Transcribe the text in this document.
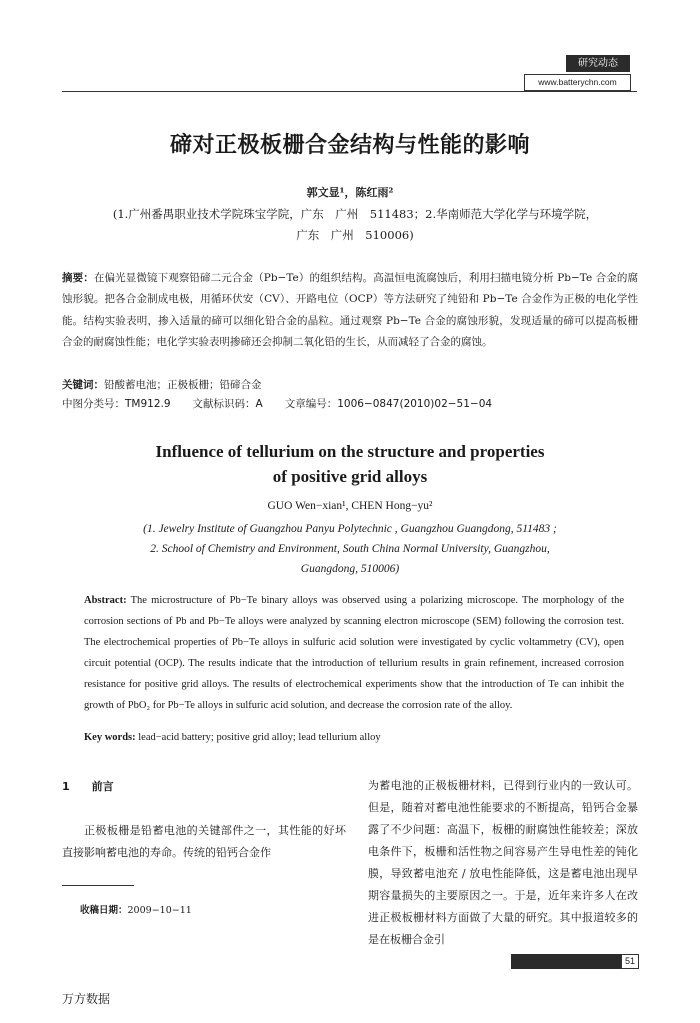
研究动态
www.batterychn.com
碲对正极板栅合金结构与性能的影响
郭文显¹，陈红雨²
(1.广州番禺职业技术学院珠宝学院，广东　广州　511483；2.华南师范大学化学与环境学院，
广东　广州　510006)
摘要：在偏光显微镜下观察铅碲二元合金（Pb−Te）的组织结构。高温恒电流腐蚀后，利用扫描电镜分析 Pb−Te 合金的腐蚀形貌。把各合金制成电极，用循环伏安（CV）、开路电位（OCP）等方法研究了纯铅和 Pb−Te 合金作为正极的电化学性能。结构实验表明，掺入适量的碲可以细化铅合金的晶粒。通过观察 Pb−Te 合金的腐蚀形貌，发现适量的碲可以提高板栅合金的耐腐蚀性能；电化学实验表明掺碲还会抑制二氧化铅的生长，从而减轻了合金的腐蚀。
关键词：铅酸蓄电池；正极板栅；铅碲合金
中图分类号：TM912.9 文献标识码：A 文章编号：1006−0847(2010)02−51−04
Influence of tellurium on the structure and properties
of positive grid alloys
GUO Wen−xian¹, CHEN Hong−yu²
(1. Jewelry Institute of Guangzhou Panyu Polytechnic , Guangzhou Guangdong, 511483 ;
2. School of Chemistry and Environment, South China Normal University, Guangzhou,
Guangdong, 510006)
Abstract: The microstructure of Pb−Te binary alloys was observed using a polarizing microscope. The morphology of the corrosion sections of Pb and Pb−Te alloys were analyzed by scanning electron microscope (SEM) following the corrosion test. The electrochemical properties of Pb−Te alloys in sulfuric acid solution were investigated by cyclic voltammetry (CV), open circuit potential (OCP). The results indicate that the introduction of tellurium results in grain refinement, increased corrosion resistance for positive grid alloys. The results of electrochemical experiments show that the introduction of Te can inhibit the growth of PbO₂ for Pb−Te alloys in sulfuric acid solution, and decrease the corrosion rate of the alloy.
Key words: lead−acid battery; positive grid alloy; lead tellurium alloy
1 前言

正极板栅是铅蓄电池的关键部件之一，其性能的好坏直接影响蓄电池的寿命。传统的铅钙合金作

收稿日期：2009−10−11

为蓄电池的正极板栅材料，已得到行业内的一致认可。但是，随着对蓄电池性能要求的不断提高，铅钙合金暴露了不少问题：高温下，板栅的耐腐蚀性能较差；深放电条件下，板栅和活性物之间容易产生导电性差的钝化膜，导致蓄电池充 / 放电性能降低，这是蓄电池出现早期容量损失的主要原因之一。于是，近年来许多人在改进正极板栅材料方面做了大量的研究。其中报道较多的是在板栅合金引

51
万方数据
